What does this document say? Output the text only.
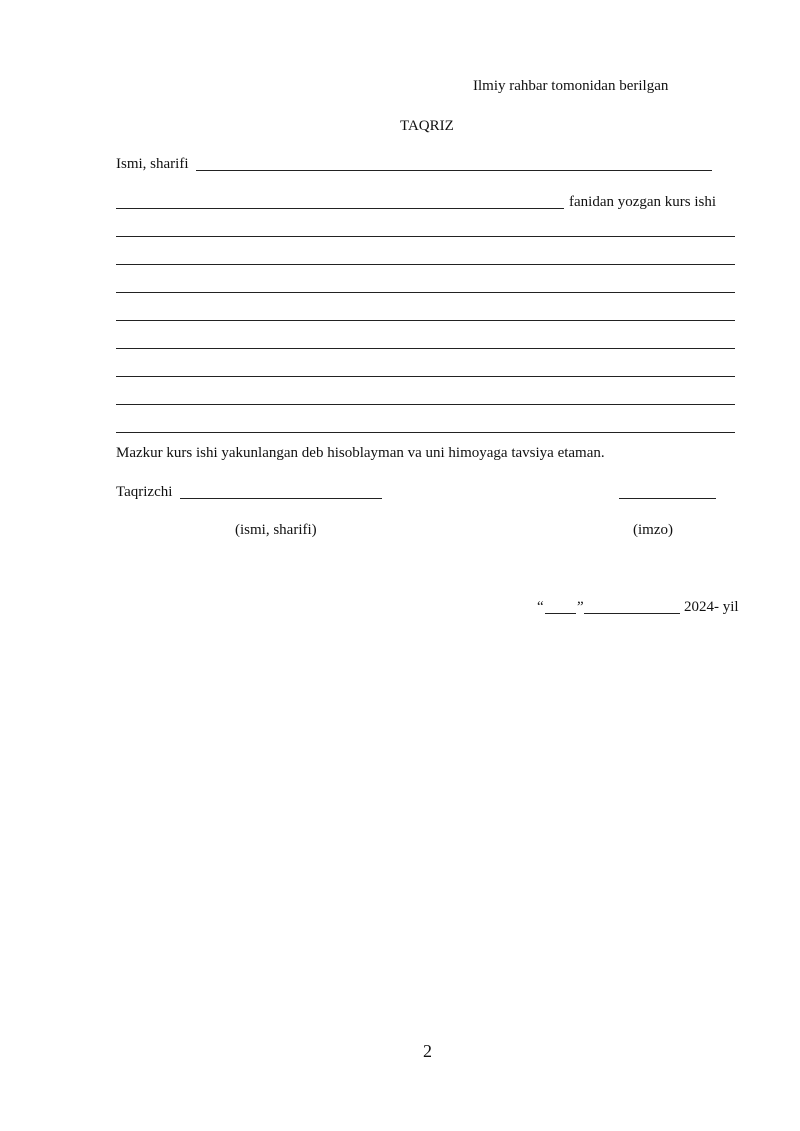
Ilmiy rahbar tomonidan berilgan
TAQRIZ
Ismi, sharifi
fanidan yozgan kurs ishi
Mazkur kurs ishi yakunlangan deb hisoblayman va uni himoyaga tavsiya etaman.
Taqrizchi
(ismi, sharifi)	(imzo)
“ ”	2024- yil
2
